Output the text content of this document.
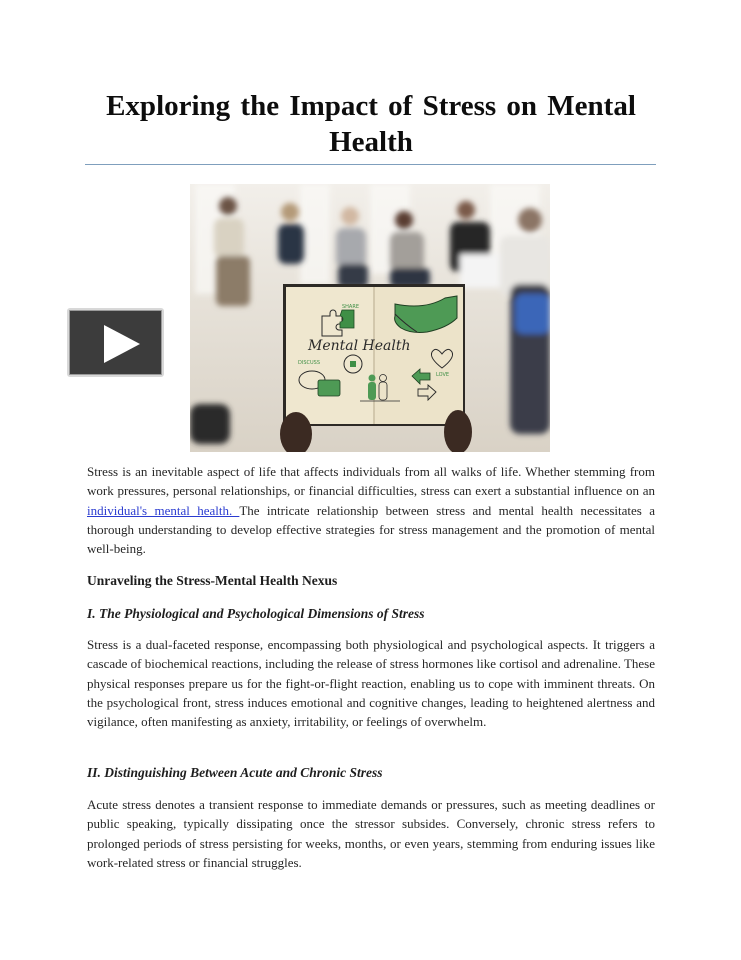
Exploring the Impact of Stress on Mental Health
Mental Health
SHARE
DISCUSS
LOVE

Stress is an inevitable aspect of life that affects individuals from all walks of life. Whether stemming from work pressures, personal relationships, or financial difficulties, stress can exert a substantial influence on an individual's mental health. The intricate relationship between stress and mental health necessitates a thorough understanding to develop effective strategies for stress management and the promotion of mental well-being.

Unraveling the Stress-Mental Health Nexus
I. The Physiological and Psychological Dimensions of Stress

Stress is a dual-faceted response, encompassing both physiological and psychological aspects. It triggers a cascade of biochemical reactions, including the release of stress hormones like cortisol and adrenaline. These physical responses prepare us for the fight-or-flight reaction, enabling us to cope with imminent threats. On the psychological front, stress induces emotional and cognitive changes, leading to heightened alertness and vigilance, often manifesting as anxiety, irritability, or feelings of overwhelm.

II. Distinguishing Between Acute and Chronic Stress

Acute stress denotes a transient response to immediate demands or pressures, such as meeting deadlines or public speaking, typically dissipating once the stressor subsides. Conversely, chronic stress refers to prolonged periods of stress persisting for weeks, months, or even years, stemming from enduring issues like work-related stress or financial struggles.
